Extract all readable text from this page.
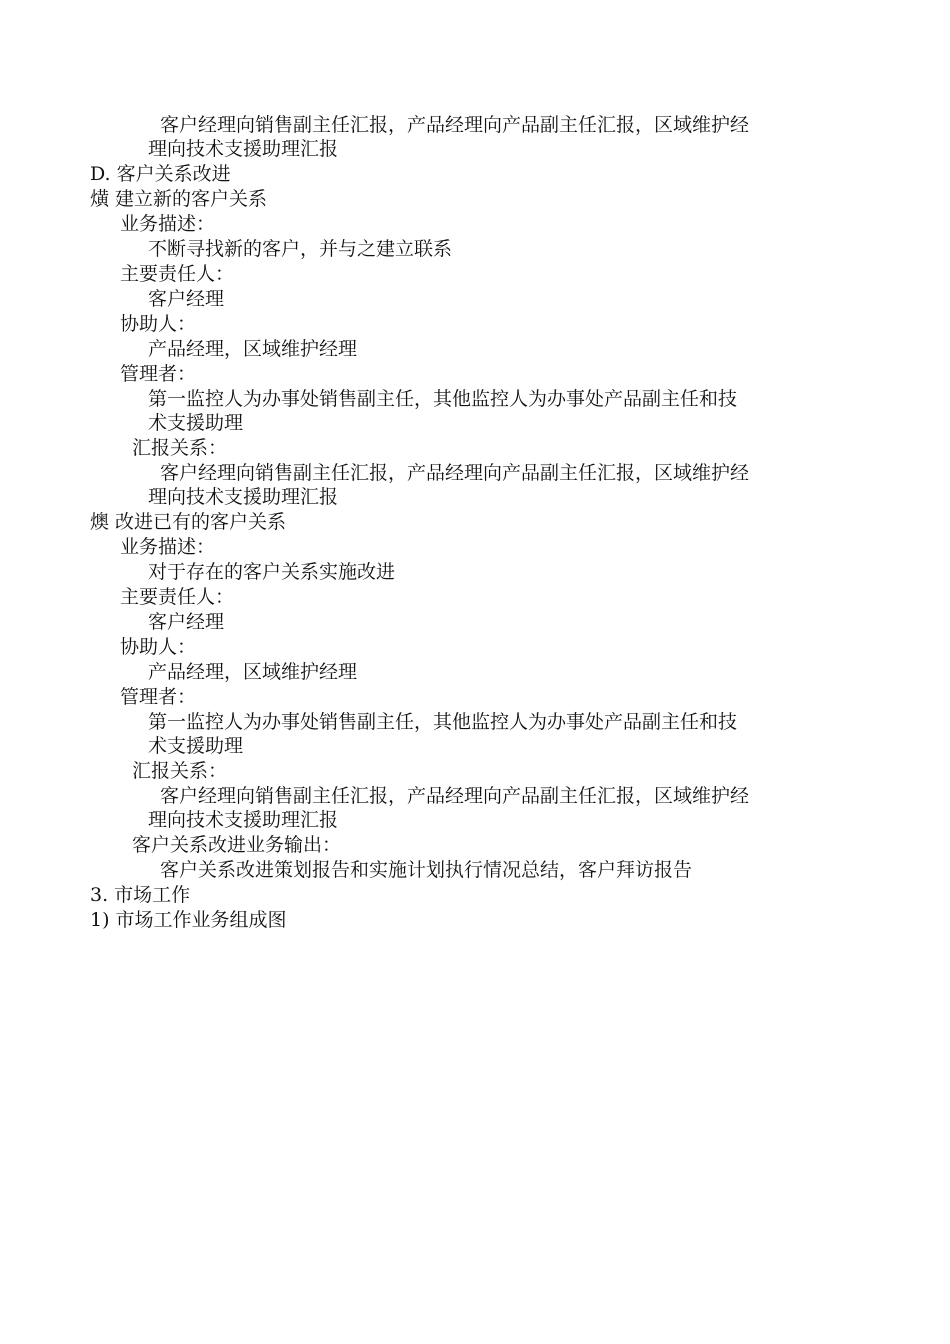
客户经理向销售副主任汇报，产品经理向产品副主任汇报，区域维护经

理向技术支援助理汇报

D. 客户关系改进

熿 建立新的客户关系

业务描述：

不断寻找新的客户，并与之建立联系

主要责任人：

客户经理

协助人：

产品经理，区域维护经理

管理者：

第一监控人为办事处销售副主任，其他监控人为办事处产品副主任和技

术支援助理

汇报关系：

客户经理向销售副主任汇报，产品经理向产品副主任汇报，区域维护经

理向技术支援助理汇报

燠 改进已有的客户关系

业务描述：

对于存在的客户关系实施改进

主要责任人：

客户经理

协助人：

产品经理，区域维护经理

管理者：

第一监控人为办事处销售副主任，其他监控人为办事处产品副主任和技

术支援助理

汇报关系：

客户经理向销售副主任汇报，产品经理向产品副主任汇报，区域维护经

理向技术支援助理汇报

客户关系改进业务输出：

客户关系改进策划报告和实施计划执行情况总结，客户拜访报告

3. 市场工作

1) 市场工作业务组成图
